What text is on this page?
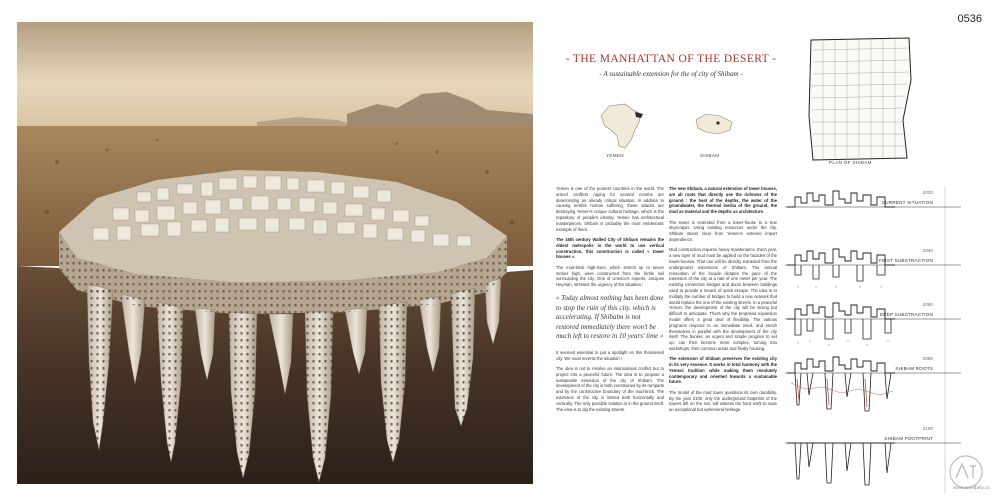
0536
- THE MANHATTAN OF THE DESERT -
- A sustainable extension for the of city of Shibam -
YEMEN	SHIBAM
PLAN OF SHIBAM

Yemen is one of the poorest countries in the world. The armed conflicts raging for several months are deteriorating an already critical situation. In addition to causing terrible human suffering, these attacks are destroying Yemen's unique cultural heritage, which is the repository of people's identity. Yemen has architectural masterpieces. Shibam is probably the most emblematic example of them.

The 16th century Walled City of Shibam remains the oldest metropolis in the world to use vertical construction, this construction is called « tower houses ».

The mud-brick high-rises, which stretch up to seven stories high, were constructed from the fertile soil surrounding the city. One of Unesco's experts, Jacques Heyman, stresses the urgency of the situation :

« Today almost nothing has been done to stop the ruin of this city, which is accelerating. If Shibalm is not restored immediately there won't be much left to restore in 10 years' time »

It seemed essential to put a spotlight on this threatened city. We must reverse the situation !

The idea is not to resolve an international conflict but to project into a peaceful future. The idea is to propose a sustainable extension of the city of Shibam. The development of the city is both constrained by its ramparts and by the constructive boundary of the mud-brick. The extension of the city is limited both horizontally and vertically. The only possible solution is in the ground itself. The idea is to dig the existing streets.

The new Shibam, a natural extension of tower houses, are all roots that directly use the richness of the ground : the heat of the depths, the water of the groundwater, the thermal inertia of the ground, the mud as material and the depths as architecture.

The tower is extended from a tower-house to a true skyscraper. Using existing resources under the city, Shibam steers clear from Yemen's extreme import dependence.

Mud construction requires heavy maintenance. Each year, a new layer of mud must be applied on the facades of the tower-houses. That one will be directly extracted from the underground extensions of Shibam. The annual renovation of the facade dictates the pace of the extension of the city at a rate of one meter per year. The existing connective bridges and doors between buildings used to provide a means of quick escape. The idea is to multiply the number of bridges to build a new network that would replace the one of the existing streets. In a peaceful Yemen, the development of the city will be strong but difficult to anticipate. That's why the proposed expansion model offers a great deal of flexibility. The various programs respond to an immediate need, and enrich themselves in parallel with the development of the city itself. The bunker, an urgent and simple program to set up, can then become more complex, turning into workshops, then common areas and finally housing.

The extension of Shibam preserves the existing city in its very essence. It works in total harmony with the Yemeni tradition while making them resolutely contemporary and oriented towards a sustainable future.

The model of the mud tower questions its own durability. By the year 2100, only the underground footprints of the towers left on the soil, will witness the hard work to save an exceptional but ephemeral heritage.

2020
CURRENT SITUATION
2040
FIRST SUBSTRACTION
2060
DEEP SUBSTRACTION
2080
SHIBAM ROOTS
2100
SHIBAM FOOTPRINT
www.archdaily.cn
